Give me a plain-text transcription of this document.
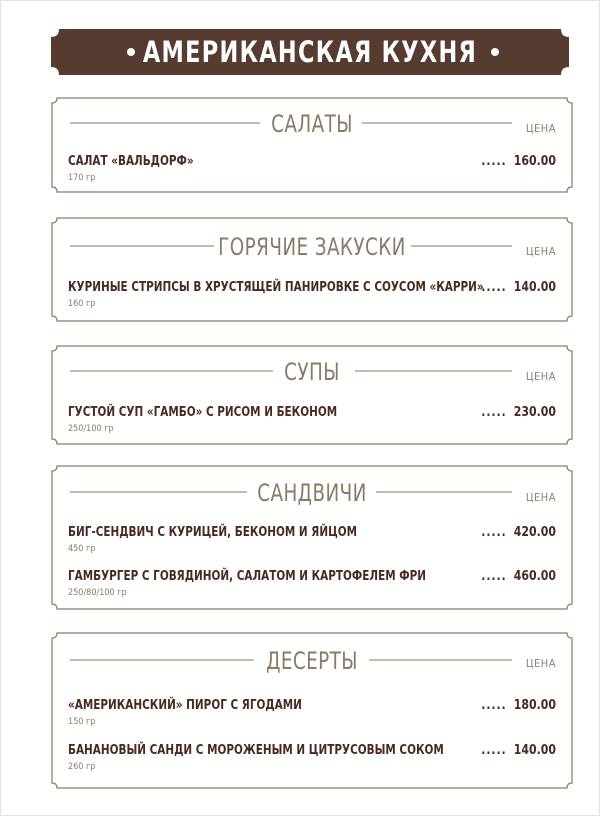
АМЕРИКАНСКАЯ КУХНЯ
САЛАТЫ	ЦЕНА
САЛАТ «ВАЛЬДОРФ»
170 гр
..... 160.00
ГОРЯЧИЕ ЗАКУСКИ	ЦЕНА
КУРИНЫЕ СТРИПСЫ В ХРУСТЯЩЕЙ ПАНИРОВКЕ С СОУСОМ «КАРРИ»
160 гр
..... 140.00
СУПЫ	ЦЕНА
ГУСТОЙ СУП «ГАМБО» С РИСОМ И БЕКОНОМ
250/100 гр
..... 230.00
САНДВИЧИ	ЦЕНА
БИГ-СЕНДВИЧ С КУРИЦЕЙ, БЕКОНОМ И ЯЙЦОМ
450 гр
..... 420.00
ГАМБУРГЕР С ГОВЯДИНОЙ, САЛАТОМ И КАРТОФЕЛЕМ ФРИ
250/80/100 гр
..... 460.00
ДЕСЕРТЫ	ЦЕНА
«АМЕРИКАНСКИЙ» ПИРОГ С ЯГОДАМИ
150 гр
..... 180.00
БАНАНОВЫЙ САНДИ С МОРОЖЕНЫМ И ЦИТРУСОВЫМ СОКОМ
260 гр
..... 140.00
